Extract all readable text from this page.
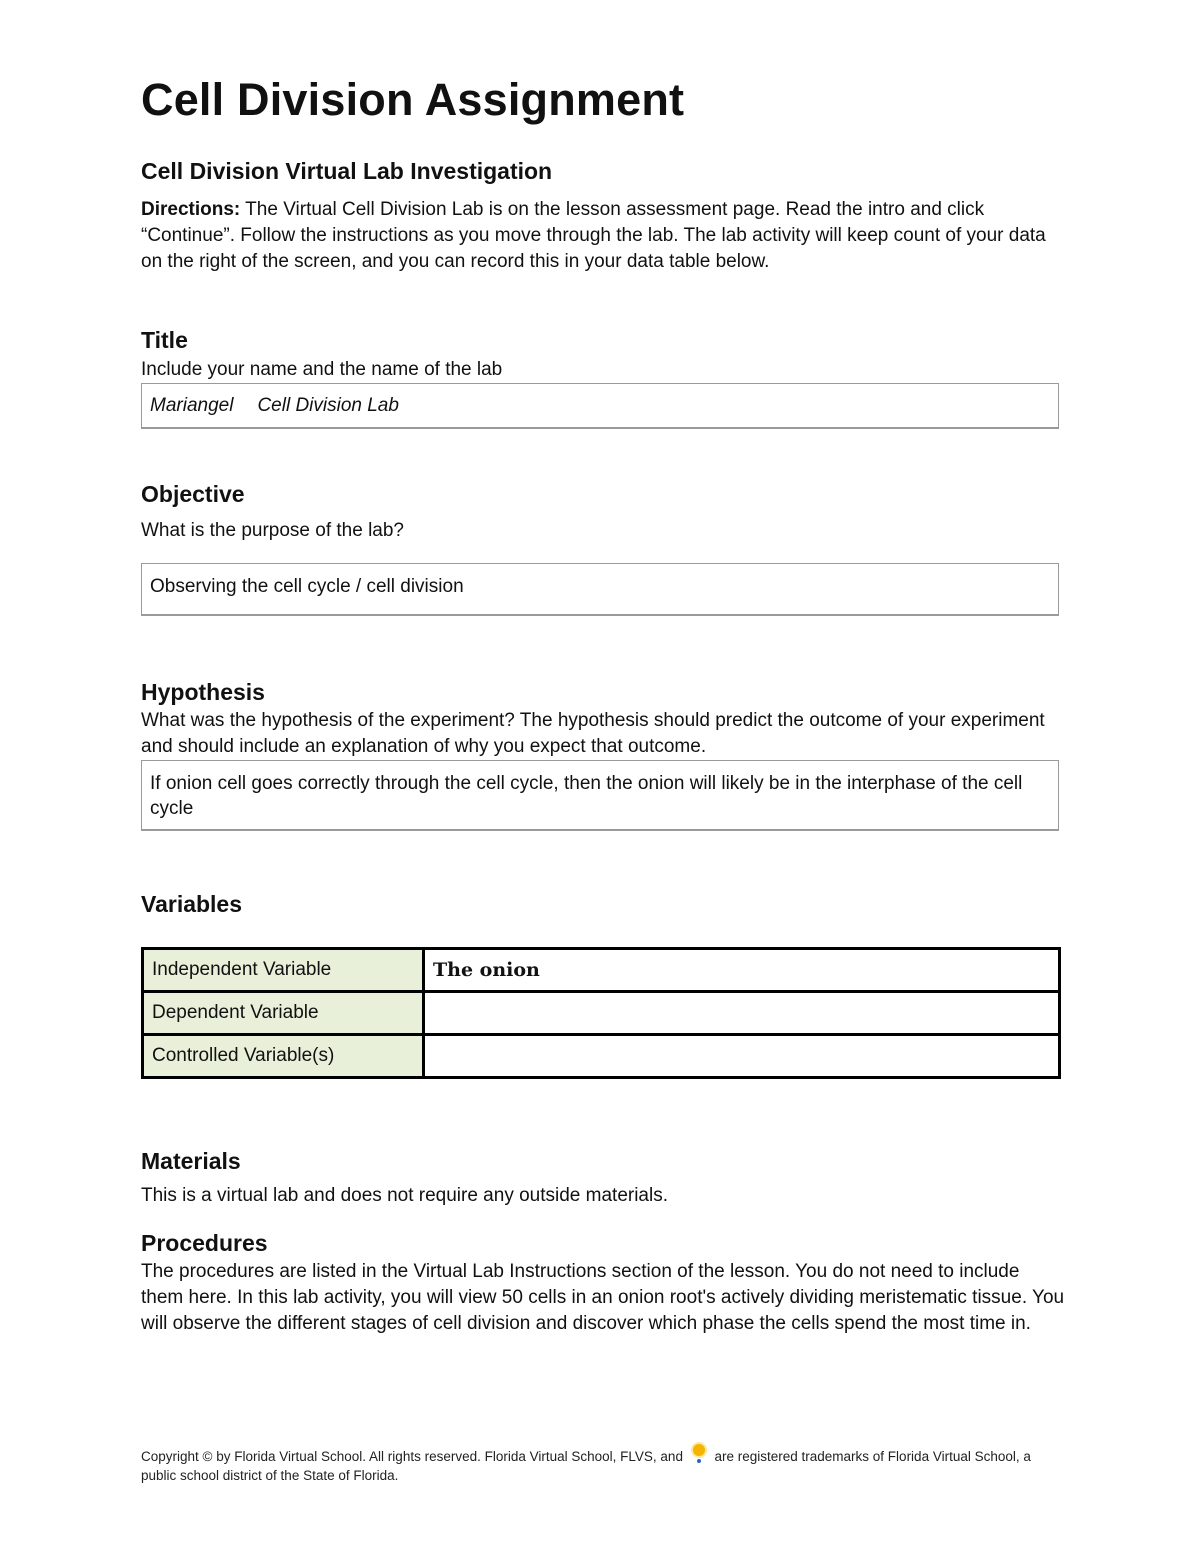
Cell Division Assignment
Cell Division Virtual Lab Investigation
Directions: The Virtual Cell Division Lab is on the lesson assessment page. Read the intro and click “Continue”. Follow the instructions as you move through the lab. The lab activity will keep count of your data on the right of the screen, and you can record this in your data table below.
Title
Include your name and the name of the lab
Mariangel Cell Division Lab
Objective
What is the purpose of the lab?
Observing the cell cycle / cell division
Hypothesis
What was the hypothesis of the experiment? The hypothesis should predict the outcome of your experiment and should include an explanation of why you expect that outcome.
If onion cell goes correctly through the cell cycle, then the onion will likely be in the interphase of the cell cycle
Variables
Independent Variable	The onion
Dependent Variable	
Controlled Variable(s)	
Materials
This is a virtual lab and does not require any outside materials.
Procedures
The procedures are listed in the Virtual Lab Instructions section of the lesson. You do not need to include them here. In this lab activity, you will view 50 cells in an onion root's actively dividing meristematic tissue. You will observe the different stages of cell division and discover which phase the cells spend the most time in.
Copyright © by Florida Virtual School. All rights reserved. Florida Virtual School, FLVS, and are registered trademarks of Florida Virtual School, a public school district of the State of Florida.
